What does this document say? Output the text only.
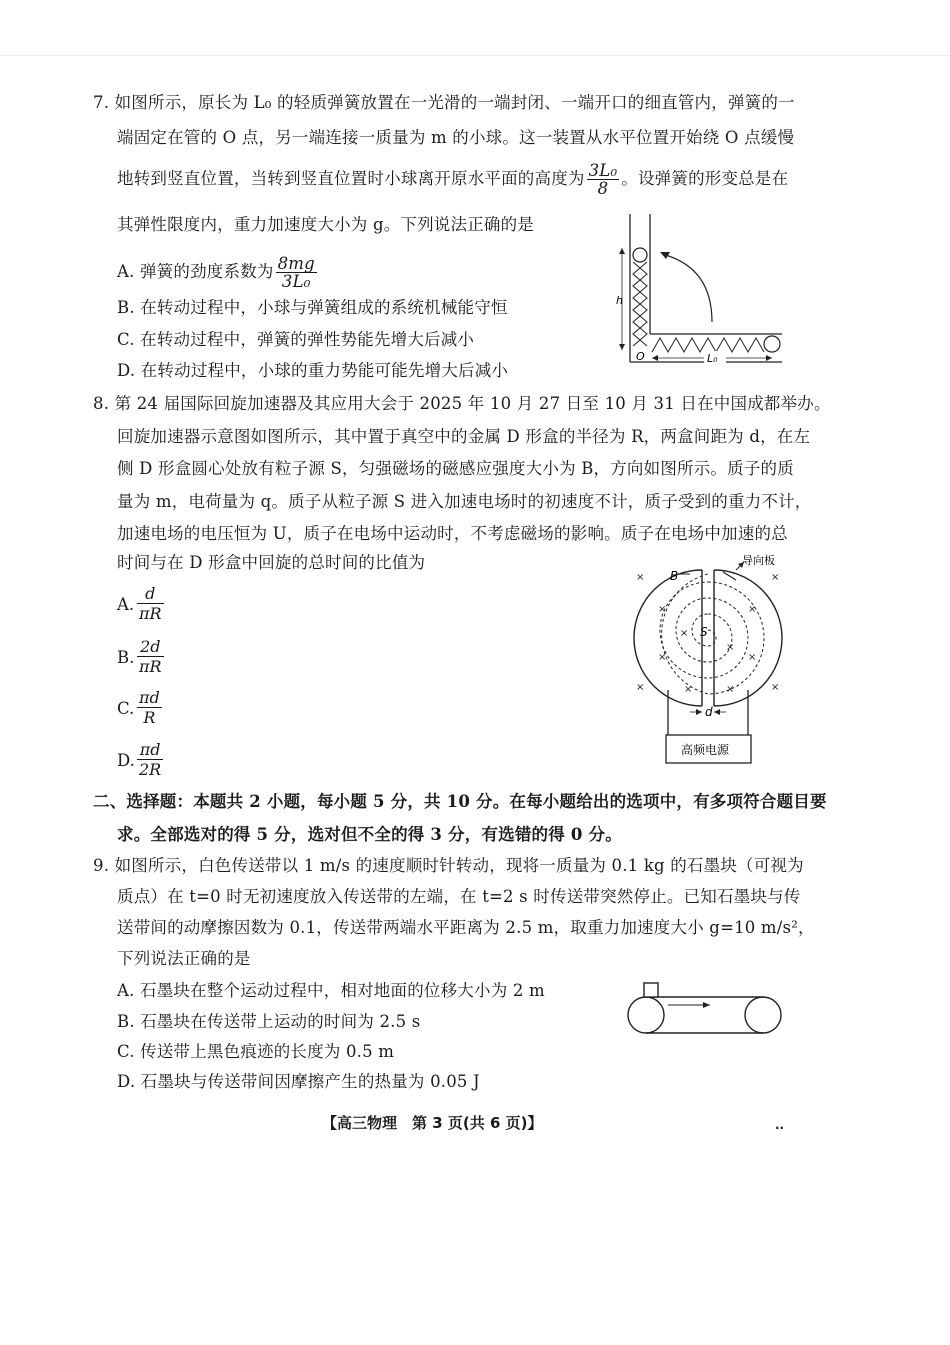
7. 如图所示，原长为 L₀ 的轻质弹簧放置在一光滑的一端封闭、一端开口的细直管内，弹簧的一
端固定在管的 O 点，另一端连接一质量为 m 的小球。这一装置从水平位置开始绕 O 点缓慢
地转到竖直位置，当转到竖直位置时小球离开原水平面的高度为 $\frac{\text{3L₀}}{8}$ 。设弹簧的形变总是在
其弹性限度内，重力加速度大小为 g。下列说法正确的是
A. 弹簧的劲度系数为 $\frac{8mg}{\text{3L₀}}$
B. 在转动过程中，小球与弹簧组成的系统机械能守恒
C. 在转动过程中，弹簧的弹性势能先增大后减小
D. 在转动过程中，小球的重力势能可能先增大后减小
h
O	L₀
8. 第 24 届国际回旋加速器及其应用大会于 2025 年 10 月 27 日至 10 月 31 日在中国成都举办。
回旋加速器示意图如图所示，其中置于真空中的金属 D 形盒的半径为 R，两盒间距为 d，在左
侧 D 形盒圆心处放有粒子源 S，匀强磁场的磁感应强度大小为 B，方向如图所示。质子的质
量为 m，电荷量为 q。质子从粒子源 S 进入加速电场时的初速度不计，质子受到的重力不计，
加速电场的电压恒为 U，质子在电场中运动时，不考虑磁场的影响。质子在电场中加速的总
时间与在 D 形盒中回旋的总时间的比值为
A. $\frac{d}{\pi R}$
B. $\frac{2d}{\pi R}$
C. $\frac{\pi d}{R}$
D. $\frac{\pi d}{2R}$
导向板
B
S
×	×
×	×
×	×
×
×
×	×
×	×
d
高频电源
二、选择题：本题共 2 小题，每小题 5 分，共 10 分。在每小题给出的选项中，有多项符合题目要
求。全部选对的得 5 分，选对但不全的得 3 分，有选错的得 0 分。
9. 如图所示，白色传送带以 1 m/s 的速度顺时针转动，现将一质量为 0.1 kg 的石墨块（可视为
质点）在 t=0 时无初速度放入传送带的左端，在 t=2 s 时传送带突然停止。已知石墨块与传
送带间的动摩擦因数为 0.1，传送带两端水平距离为 2.5 m，取重力加速度大小 g=10 m/s²，
下列说法正确的是
A. 石墨块在整个运动过程中，相对地面的位移大小为 2 m
B. 石墨块在传送带上运动的时间为 2.5 s
C. 传送带上黑色痕迹的长度为 0.5 m
D. 石墨块与传送带间因摩擦产生的热量为 0.05 J
【高三物理　第 3 页(共 6 页)】	..
